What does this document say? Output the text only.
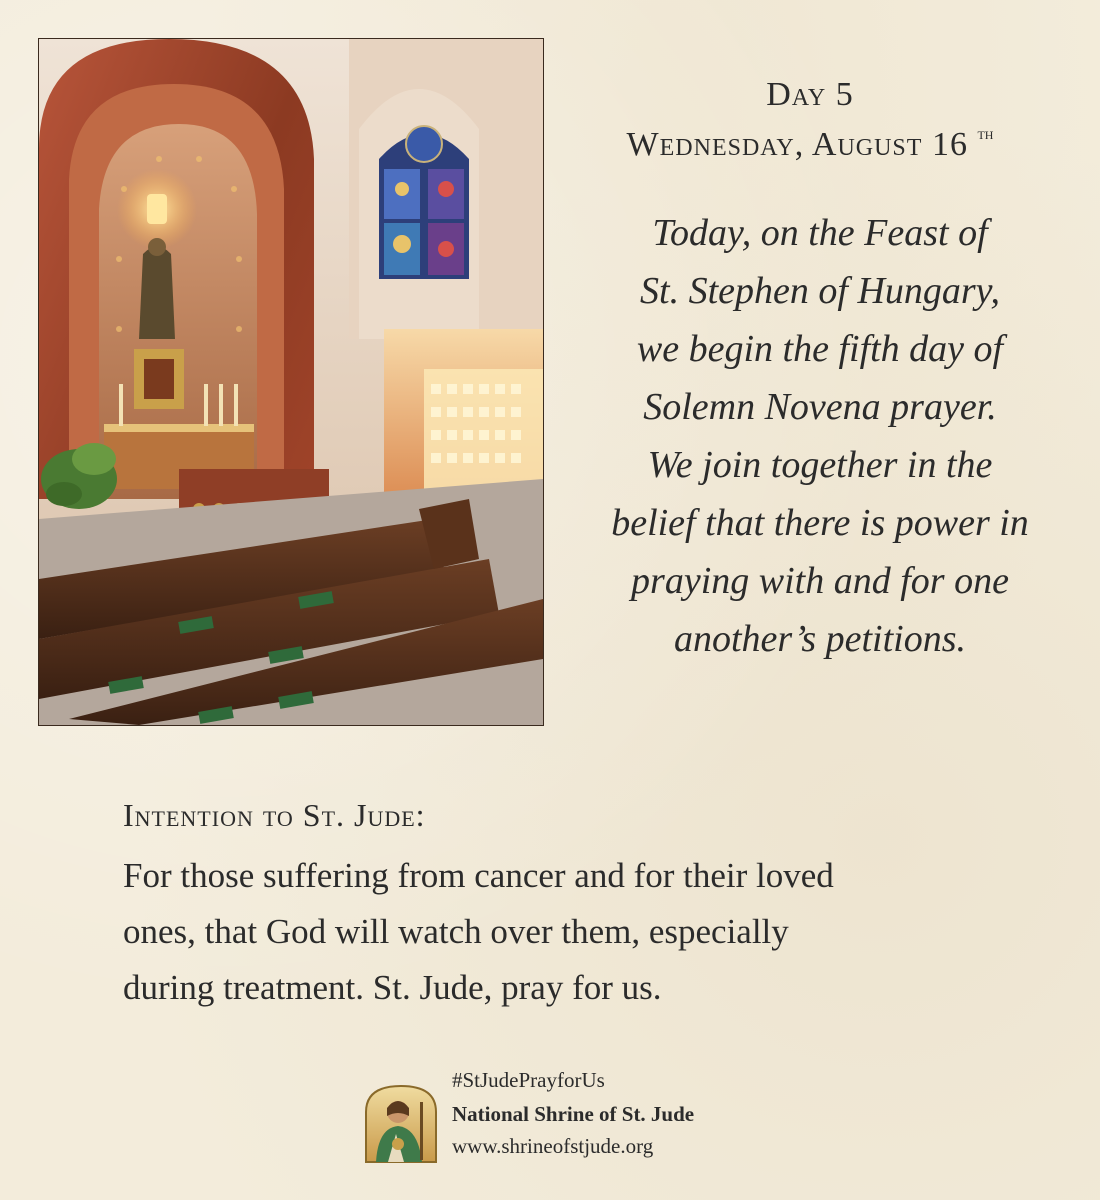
Day 5
Wednesday, August 16 $^{th}$
Today, on the Feast of
St. Stephen of Hungary,
we begin the fifth day of
Solemn Novena prayer.
We join together in the
belief that there is power in
praying with and for one
another’s petitions.
Intention to St. Jude:
For those suffering from cancer and for their loved
ones, that God will watch over them, especially
during treatment. St. Jude, pray for us.
#StJudePrayforUs
National Shrine of St. Jude
www.shrineofstjude.org
